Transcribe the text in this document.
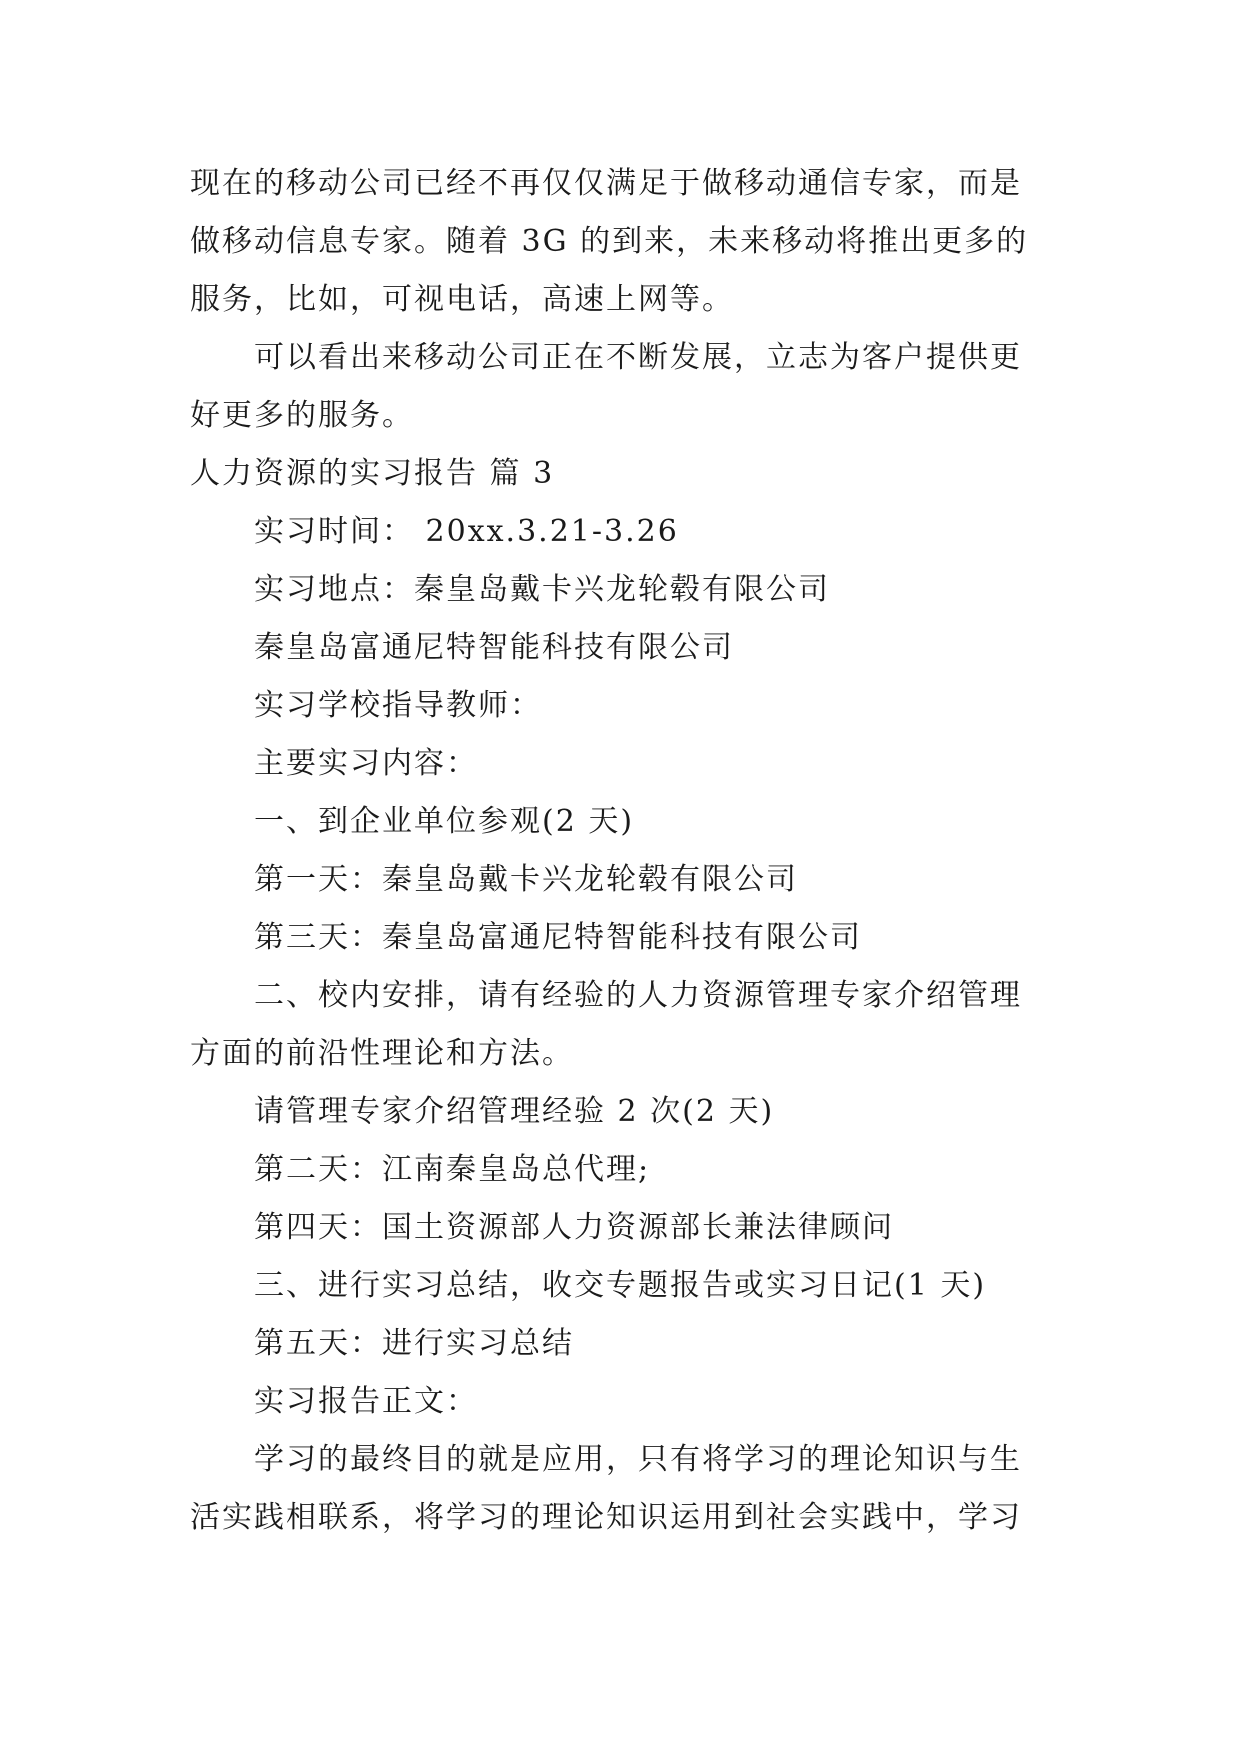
现在的移动公司已经不再仅仅满足于做移动通信专家，而是
做移动信息专家。随着 3G 的到来，未来移动将推出更多的
服务，比如，可视电话，高速上网等。
可以看出来移动公司正在不断发展，立志为客户提供更
好更多的服务。
人力资源的实习报告 篇 3
实习时间： 20xx.3.21-3.26
实习地点：秦皇岛戴卡兴龙轮毂有限公司
秦皇岛富通尼特智能科技有限公司
实习学校指导教师：
主要实习内容：
一、到企业单位参观(2 天)
第一天：秦皇岛戴卡兴龙轮毂有限公司
第三天：秦皇岛富通尼特智能科技有限公司
二、校内安排，请有经验的人力资源管理专家介绍管理
方面的前沿性理论和方法。
请管理专家介绍管理经验 2 次(2 天)
第二天：江南秦皇岛总代理;
第四天：国土资源部人力资源部长兼法律顾问
三、进行实习总结，收交专题报告或实习日记(1 天)
第五天：进行实习总结
实习报告正文：
学习的最终目的就是应用，只有将学习的理论知识与生
活实践相联系，将学习的理论知识运用到社会实践中，学习
